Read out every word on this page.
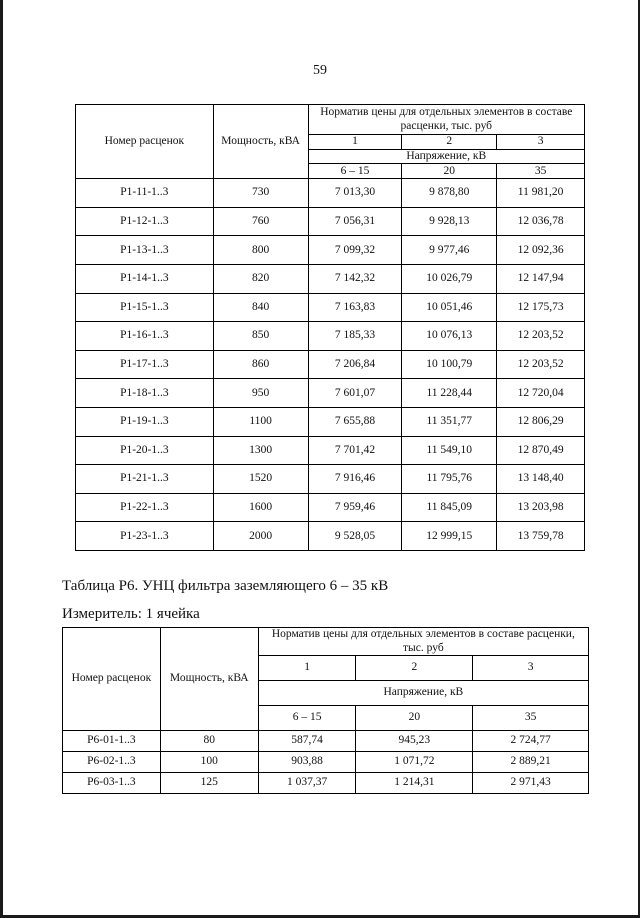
59
Номер расценок	Мощность, кВА	Норматив цены для отдельных элементов в составе расценки, тыс. руб		
		1	2	3
		Напряжение, кВ		
		6 – 15	20	35
Р1-11-1..3	730	7 013,30	9 878,80	11 981,20
Р1-12-1..3	760	7 056,31	9 928,13	12 036,78
Р1-13-1..3	800	7 099,32	9 977,46	12 092,36
Р1-14-1..3	820	7 142,32	10 026,79	12 147,94
Р1-15-1..3	840	7 163,83	10 051,46	12 175,73
Р1-16-1..3	850	7 185,33	10 076,13	12 203,52
Р1-17-1..3	860	7 206,84	10 100,79	12 203,52
Р1-18-1..3	950	7 601,07	11 228,44	12 720,04
Р1-19-1..3	1100	7 655,88	11 351,77	12 806,29
Р1-20-1..3	1300	7 701,42	11 549,10	12 870,49
Р1-21-1..3	1520	7 916,46	11 795,76	13 148,40
Р1-22-1..3	1600	7 959,46	11 845,09	13 203,98
Р1-23-1..3	2000	9 528,05	12 999,15	13 759,78
Таблица Р6. УНЦ фильтра заземляющего 6 – 35 кВ
Измеритель: 1 ячейка
Номер расценок	Мощность, кВА	Норматив цены для отдельных элементов в составе расценки, тыс. руб		
		1	2	3
		Напряжение, кВ		
		6 – 15	20	35
Р6-01-1..3	80	587,74	945,23	2 724,77
Р6-02-1..3	100	903,88	1 071,72	2 889,21
Р6-03-1..3	125	1 037,37	1 214,31	2 971,43
